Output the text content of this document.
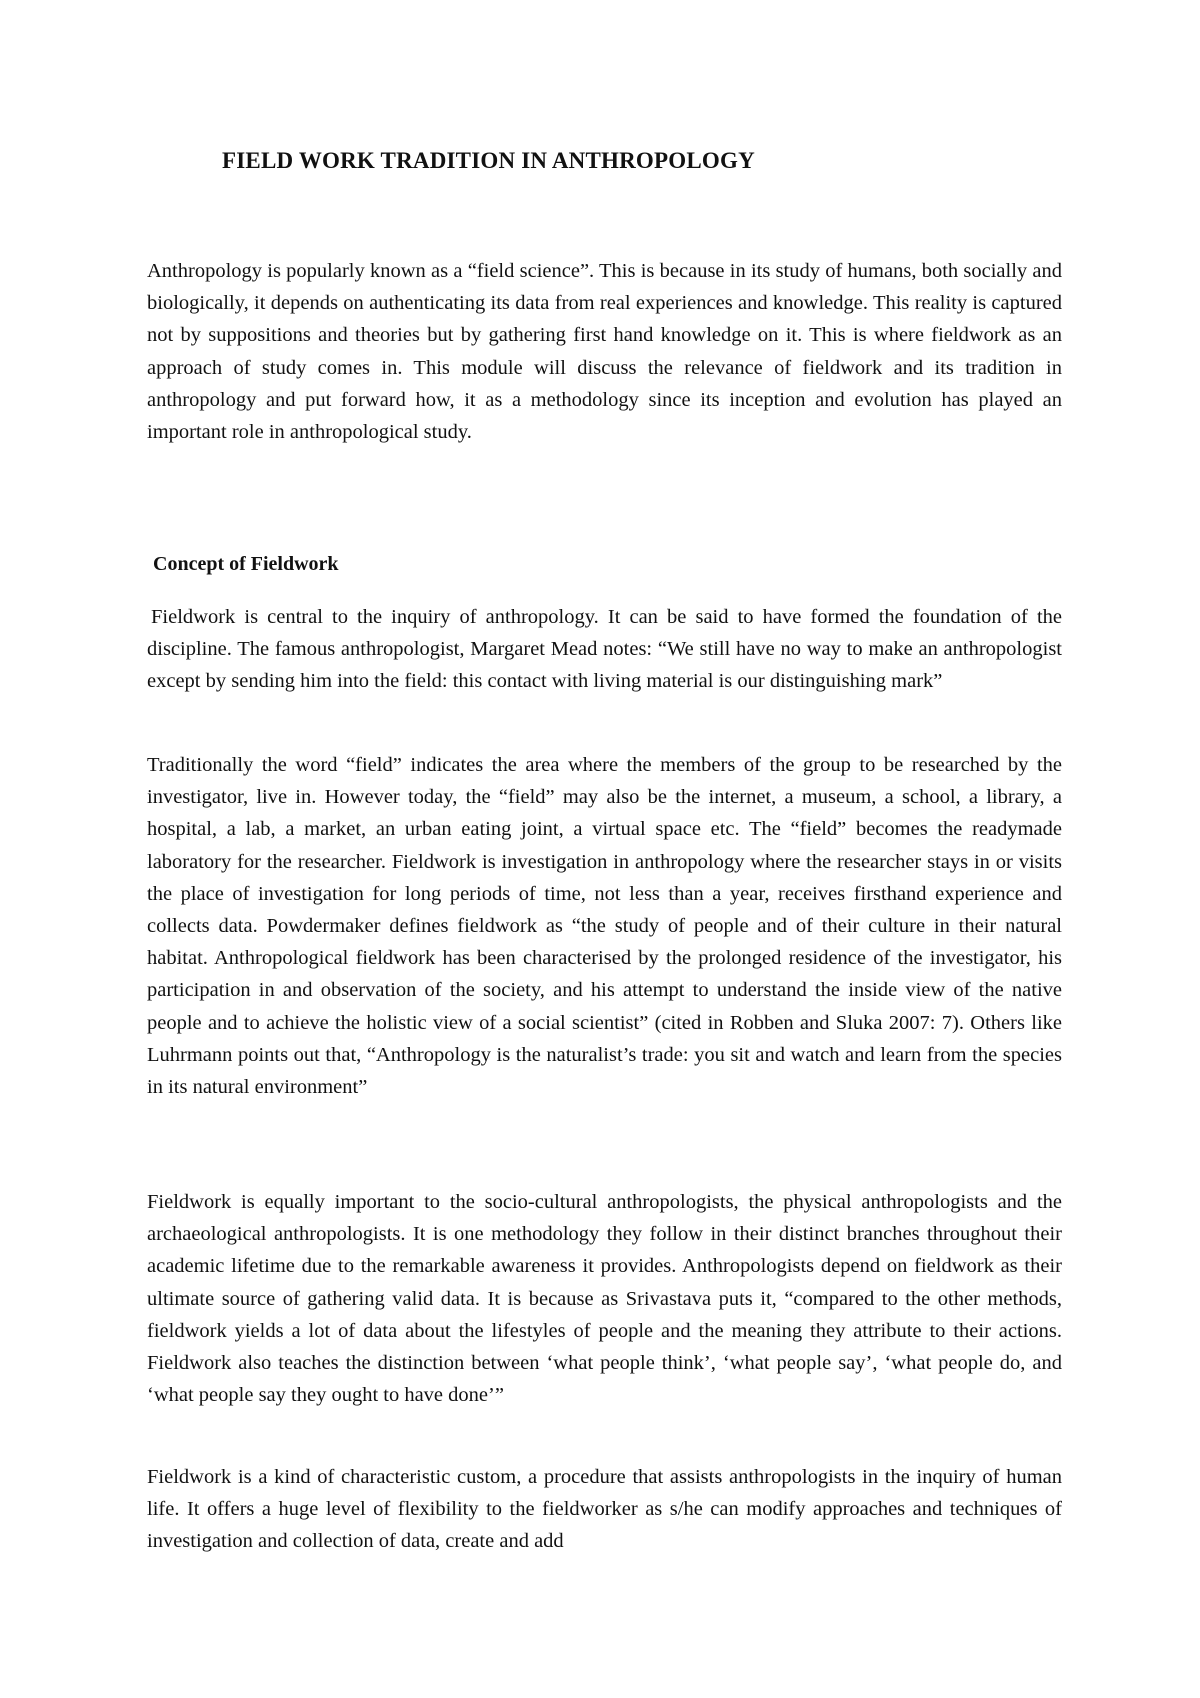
FIELD WORK TRADITION IN ANTHROPOLOGY

Anthropology is popularly known as a “field science”. This is because in its study of humans, both socially and biologically, it depends on authenticating its data from real experiences and knowledge. This reality is captured not by suppositions and theories but by gathering first hand knowledge on it. This is where fieldwork as an approach of study comes in. This module will discuss the relevance of fieldwork and its tradition in anthropology and put forward how, it as a methodology since its inception and evolution has played an important role in anthropological study.

Concept of Fieldwork

Fieldwork is central to the inquiry of anthropology. It can be said to have formed the foundation of the discipline. The famous anthropologist, Margaret Mead notes: “We still have no way to make an anthropologist except by sending him into the field: this contact with living material is our distinguishing mark”

Traditionally the word “field” indicates the area where the members of the group to be researched by the investigator, live in. However today, the “field” may also be the internet, a museum, a school, a library, a hospital, a lab, a market, an urban eating joint, a virtual space etc. The “field” becomes the readymade laboratory for the researcher. Fieldwork is investigation in anthropology where the researcher stays in or visits the place of investigation for long periods of time, not less than a year, receives firsthand experience and collects data. Powdermaker defines fieldwork as “the study of people and of their culture in their natural habitat. Anthropological fieldwork has been characterised by the prolonged residence of the investigator, his participation in and observation of the society, and his attempt to understand the inside view of the native people and to achieve the holistic view of a social scientist” (cited in Robben and Sluka 2007: 7). Others like Luhrmann points out that, “Anthropology is the naturalist’s trade: you sit and watch and learn from the species in its natural environment”

Fieldwork is equally important to the socio-cultural anthropologists, the physical anthropologists and the archaeological anthropologists. It is one methodology they follow in their distinct branches throughout their academic lifetime due to the remarkable awareness it provides. Anthropologists depend on fieldwork as their ultimate source of gathering valid data. It is because as Srivastava puts it, “compared to the other methods, fieldwork yields a lot of data about the lifestyles of people and the meaning they attribute to their actions. Fieldwork also teaches the distinction between ‘what people think’, ‘what people say’, ‘what people do, and ‘what people say they ought to have done’”

Fieldwork is a kind of characteristic custom, a procedure that assists anthropologists in the inquiry of human life. It offers a huge level of flexibility to the fieldworker as s/he can modify approaches and techniques of investigation and collection of data, create and add
